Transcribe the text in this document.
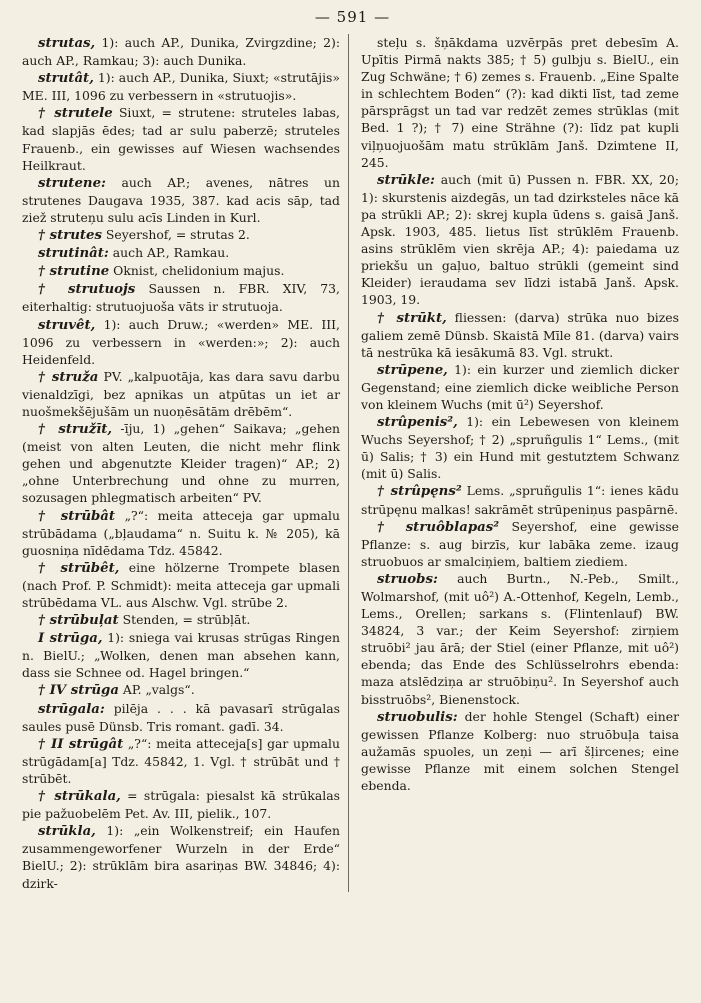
— 591 —

strutas, 1): auch AP., Dunika, Zvirgzdine; 2): auch AP., Ramkau; 3): auch Dunika.

strutât, 1): auch AP., Dunika, Siuxt; «strutājis» ME. III, 1096 zu verbessern in «strutuojis».

† strutele Siuxt, = strutene: struteles labas, kad slapjās ēdes; tad ar sulu paberzē; struteles Frauenb., ein gewisses auf Wiesen wachsendes Heilkraut.

strutene: auch AP.; avenes, nātres un strutenes Daugava 1935, 387. kad acis sāp, tad ziež struteņu sulu acīs Linden in Kurl.

† strutes Seyershof, = strutas 2.

strutinât: auch AP., Ramkau.

† strutine Oknist, chelidonium majus.

† strutuojs Saussen n. FBR. XIV, 73, eiterhaltig: strutuojuoša vāts ir strutuoja.

struvêt, 1): auch Druw.; «werden» ME. III, 1096 zu verbessern in «werden:»; 2): auch Heidenfeld.

† struža PV. „kalpuotāja, kas dara savu darbu vienaldzīgi, bez apnikas un atpūtas un iet ar nuošmekšējušām un nuoņēsātām drēbēm“.

† stružīt, -īju, 1) „gehen“ Saikava; „gehen (meist von alten Leuten, die nicht mehr flink gehen und abgenutzte Kleider tragen)“ AP.; 2) „ohne Unterbrechung und ohne zu murren, sozusagen phlegmatisch arbeiten“ PV.

† strūbât „?“: meita atteceja gar upmalu strūbādama („bļaudama“ n. Suitu k. № 205), kā guosniņa nīdēdama Tdz. 45842.

† strūbêt, eine hölzerne Trompete blasen (nach Prof. P. Schmidt): meita atteceja gar upmali strūbēdama VL. aus Alschw. Vgl. strūbe 2.

† strūbuļat Stenden, = strūbļāt.

I strūga, 1): sniega vai krusas strūgas Ringen n. BielU.; „Wolken, denen man absehen kann, dass sie Schnee od. Hagel bringen.“

† IV strūga AP. „valgs“.

strūgala: pilēja . . . kā pavasarī strūgalas saules pusē Dünsb. Tris romant. gadī. 34.

† II strūgât „?“: meita atteceja[s] gar upmalu strūgādam[a] Tdz. 45842, 1. Vgl. † strūbāt und † strūbēt.

† strūkala, = strūgala: piesalst kā strūkalas pie pažuobelēm Pet. Av. III, pielik., 107.

strūkla, 1): „ein Wolkenstreif; ein Haufen zusammengeworfener Wurzeln in der Erde“ BielU.; 2): strūklām bira asariņas BW. 34846; 4): dzirk-

steļu s. šņākdama uzvērpās pret debesīm A. Upītis Pirmā nakts 385; † 5) gulbju s. BielU., ein Zug Schwäne; † 6) zemes s. Frauenb. „Eine Spalte in schlechtem Boden“ (?): kad dikti līst, tad zeme pārsprāgst un tad var redzēt zemes strūklas (mit Bed. 1 ?); † 7) eine Strähne (?): līdz pat kupli viļņuojuošām matu strūklām Janš. Dzimtene II, 245.

strūkle: auch (mit ū) Pussen n. FBR. XX, 20; 1): skurstenis aizdegās, un tad dzirksteles nāce kā pa strūkli AP.; 2): skrej kupla ūdens s. gaisā Janš. Apsk. 1903, 485. lietus līst strūklēm Frauenb. asins strūklēm vien skrēja AP.; 4): paiedama uz priekšu un gaļuo, baltuo strūkli (gemeint sind Kleider) ieraudama sev līdzi istabā Janš. Apsk. 1903, 19.

† strūkt, fliessen: (darva) strūka nuo bizes galiem zemē Dünsb. Skaistā Mīle 81. (darva) vairs tā nestrūka kā iesākumā 83. Vgl. strukt.

strūpene, 1): ein kurzer und ziemlich dicker Gegenstand; eine ziemlich dicke weibliche Person von kleinem Wuchs (mit ū²) Seyershof.

strûpenis², 1): ein Lebewesen von kleinem Wuchs Seyershof; † 2) „spruñgulis 1“ Lems., (mit ū) Salis; † 3) ein Hund mit gestutztem Schwanz (mit ū) Salis.

† strûpęns² Lems. „spruñgulis 1“: ienes kādu strūpęnu malkas! sakrāmēt strūpeniņus paspārnē.

† struôblapas² Seyershof, eine gewisse Pflanze: s. aug birzīs, kur labāka zeme. izaug struobuos ar smalciņiem, baltiem ziediem.

struobs: auch Burtn., N.-Peb., Smilt., Wolmarshof, (mit uô²) A.-Ottenhof, Kegeln, Lemb., Lems., Orellen; sarkans s. (Flintenlauf) BW. 34824, 3 var.; der Keim Seyershof: zirņiem struōbi² jau ārā; der Stiel (einer Pflanze, mit uô²) ebenda; das Ende des Schlüsselrohrs ebenda: maza atslēdziņa ar struōbiņu². In Seyershof auch bisstruōbs², Bienenstock.

struobulis: der hohle Stengel (Schaft) einer gewissen Pflanze Kolberg: nuo struōbuļa taisa aužamās spuoles, un zeņi — arī šļircenes; eine gewisse Pflanze mit einem solchen Stengel ebenda.
